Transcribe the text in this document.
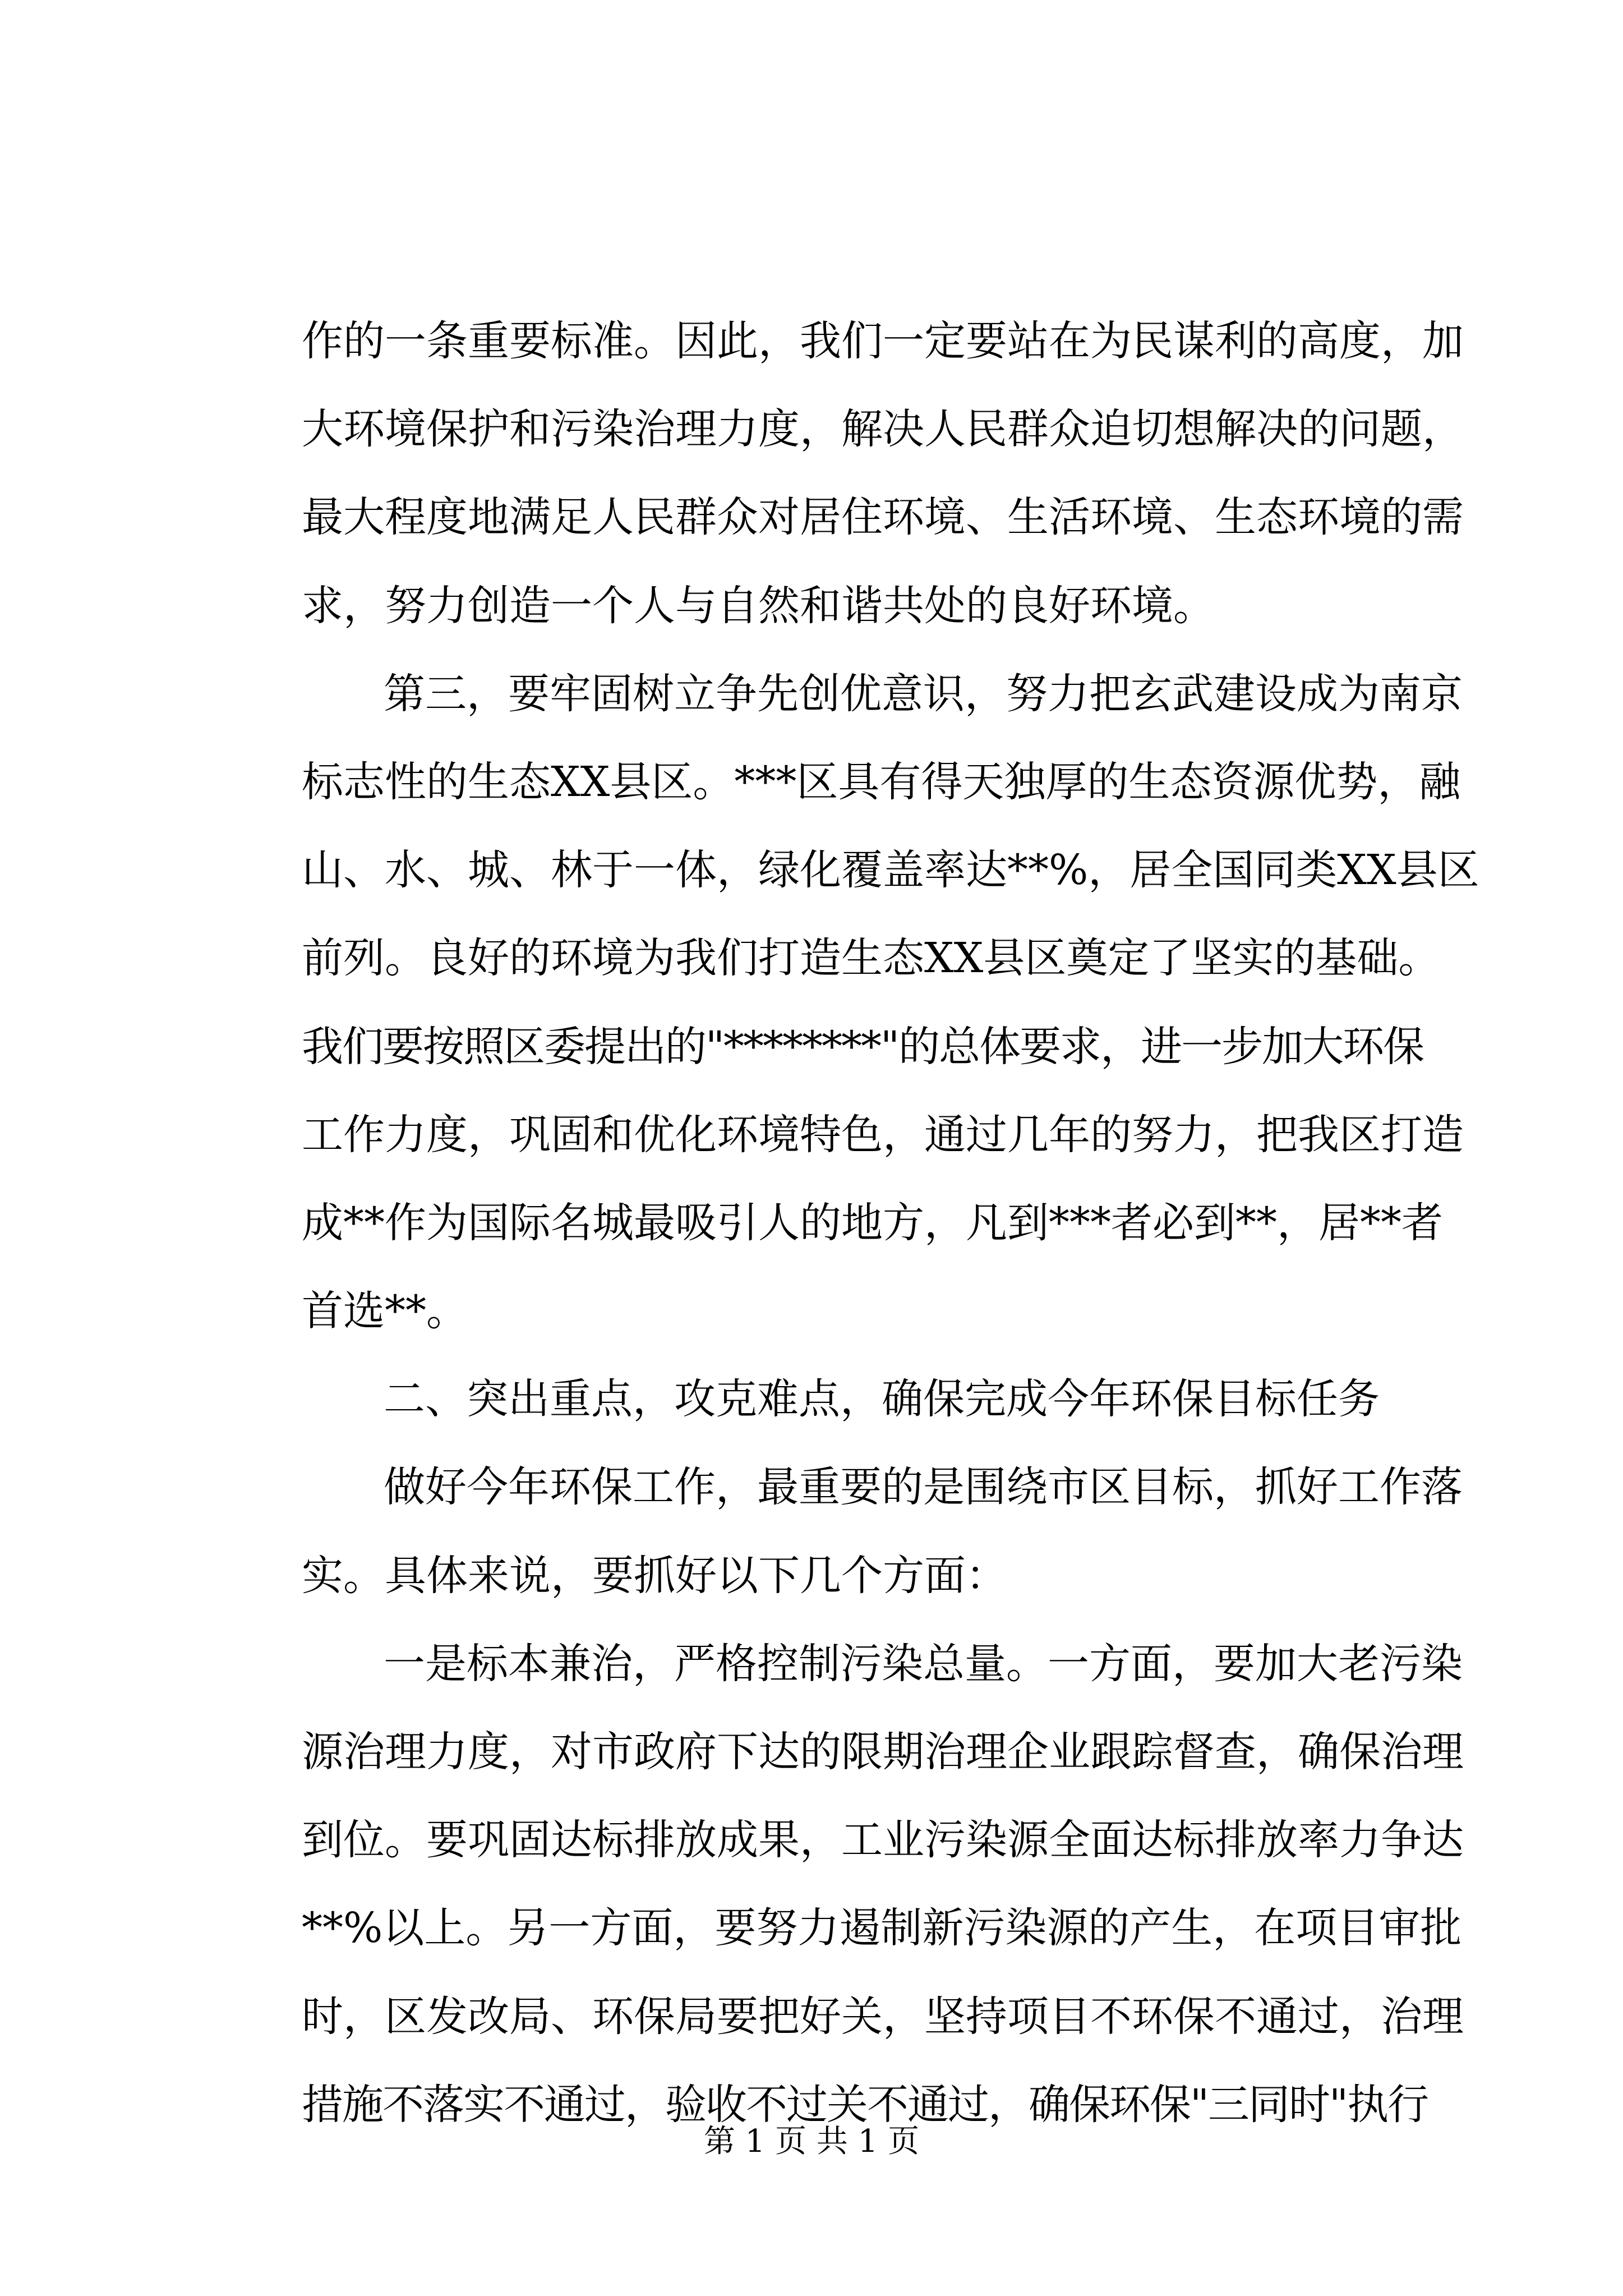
作的一条重要标准。因此，我们一定要站在为民谋利的高度，加
大环境保护和污染治理力度，解决人民群众迫切想解决的问题，
最大程度地满足人民群众对居住环境、生活环境、生态环境的需
求，努力创造一个人与自然和谐共处的良好环境。
第三，要牢固树立争先创优意识，努力把玄武建设成为南京
标志性的生态XX县区。***区具有得天独厚的生态资源优势，融
山、水、城、林于一体，绿化覆盖率达**%，居全国同类XX县区
前列。良好的环境为我们打造生态XX县区奠定了坚实的基础。
我们要按照区委提出的"********"的总体要求，进一步加大环保
工作力度，巩固和优化环境特色，通过几年的努力，把我区打造
成**作为国际名城最吸引人的地方，凡到***者必到**，居**者
首选**。
二、突出重点，攻克难点，确保完成今年环保目标任务
做好今年环保工作，最重要的是围绕市区目标，抓好工作落
实。具体来说，要抓好以下几个方面：
一是标本兼治，严格控制污染总量。一方面，要加大老污染
源治理力度，对市政府下达的限期治理企业跟踪督查，确保治理
到位。要巩固达标排放成果，工业污染源全面达标排放率力争达
**%以上。另一方面，要努力遏制新污染源的产生，在项目审批
时，区发改局、环保局要把好关，坚持项目不环保不通过，治理
措施不落实不通过，验收不过关不通过，确保环保"三同时"执行
第 1 页 共 1 页
